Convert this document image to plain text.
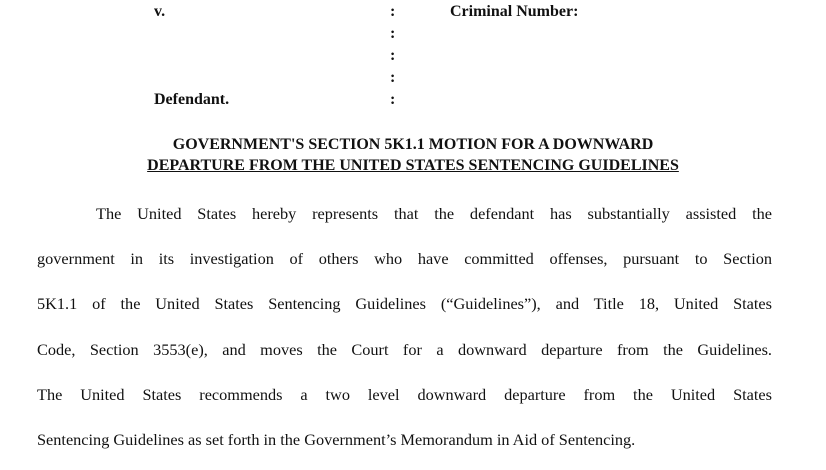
v.	Criminal Number:
Defendant.
:
:
:
:
:
GOVERNMENT'S SECTION 5K1.1 MOTION FOR A DOWNWARD
DEPARTURE FROM THE UNITED STATES SENTENCING GUIDELINES
The United States hereby represents that the defendant has substantially assisted the
government in its investigation of others who have committed offenses, pursuant to Section
5K1.1 of the United States Sentencing Guidelines (“Guidelines”), and Title 18, United States
Code, Section 3553(e), and moves the Court for a downward departure from the Guidelines.
The United States recommends a two level downward departure from the United States
Sentencing Guidelines as set forth in the Government’s Memorandum in Aid of Sentencing.
